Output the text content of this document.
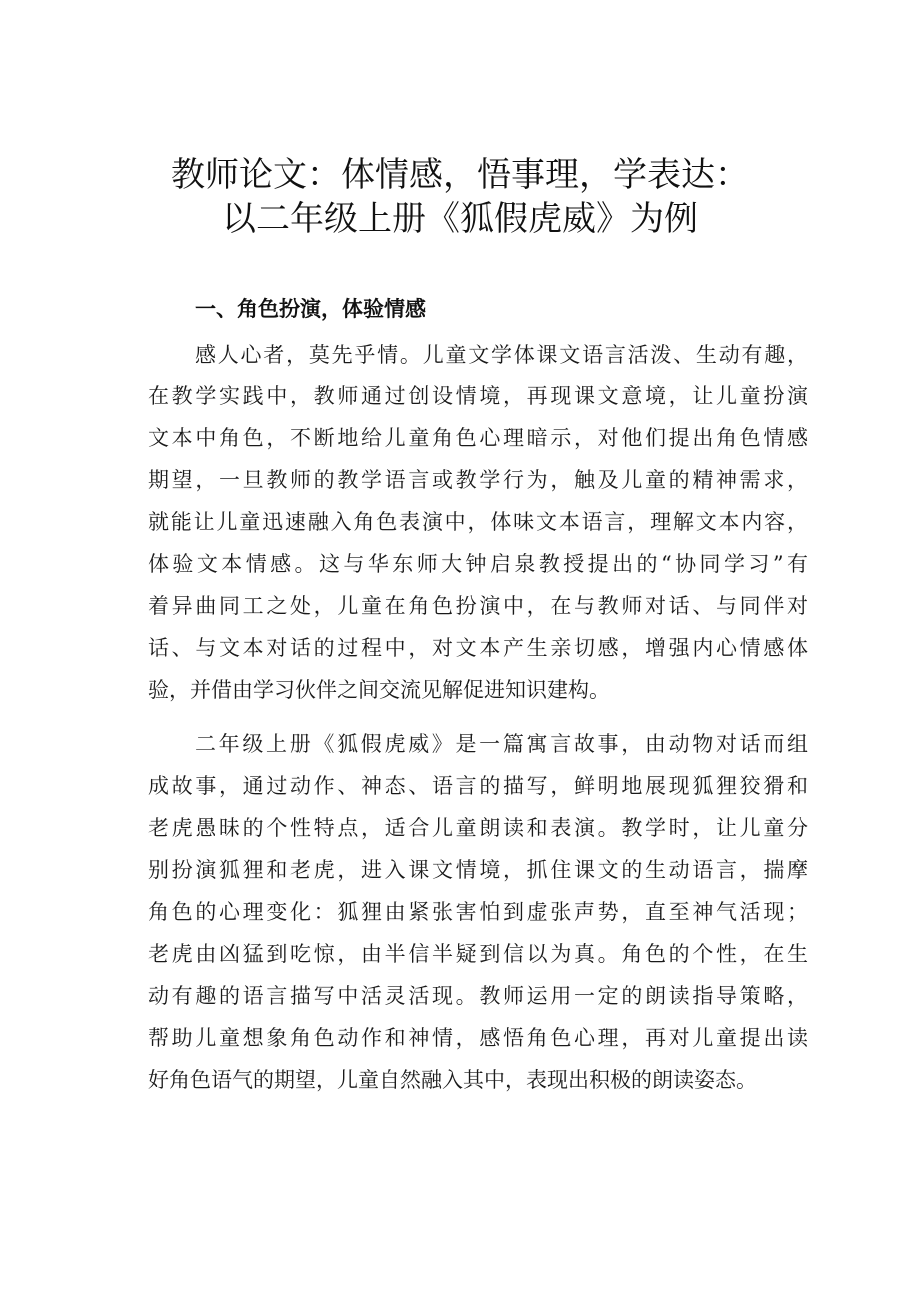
教师论文：体情感，悟事理，学表达：
以二年级上册《狐假虎威》为例
一、角色扮演，体验情感

感人心者，莫先乎情。儿童文学体课文语言活泼、生动有趣，

在教学实践中，教师通过创设情境，再现课文意境，让儿童扮演

文本中角色，不断地给儿童角色心理暗示，对他们提出角色情感

期望，一旦教师的教学语言或教学行为，触及儿童的精神需求，

就能让儿童迅速融入角色表演中，体味文本语言，理解文本内容，

体验文本情感。这与华东师大钟启泉教授提出的“协同学习”有

着异曲同工之处，儿童在角色扮演中，在与教师对话、与同伴对

话、与文本对话的过程中，对文本产生亲切感，增强内心情感体

验，并借由学习伙伴之间交流见解促进知识建构。

二年级上册《狐假虎威》是一篇寓言故事，由动物对话而组

成故事，通过动作、神态、语言的描写，鲜明地展现狐狸狡猾和

老虎愚昧的个性特点，适合儿童朗读和表演。教学时，让儿童分

别扮演狐狸和老虎，进入课文情境，抓住课文的生动语言，揣摩

角色的心理变化：狐狸由紧张害怕到虚张声势，直至神气活现；

老虎由凶猛到吃惊，由半信半疑到信以为真。角色的个性，在生

动有趣的语言描写中活灵活现。教师运用一定的朗读指导策略，

帮助儿童想象角色动作和神情，感悟角色心理，再对儿童提出读

好角色语气的期望，儿童自然融入其中，表现出积极的朗读姿态。
